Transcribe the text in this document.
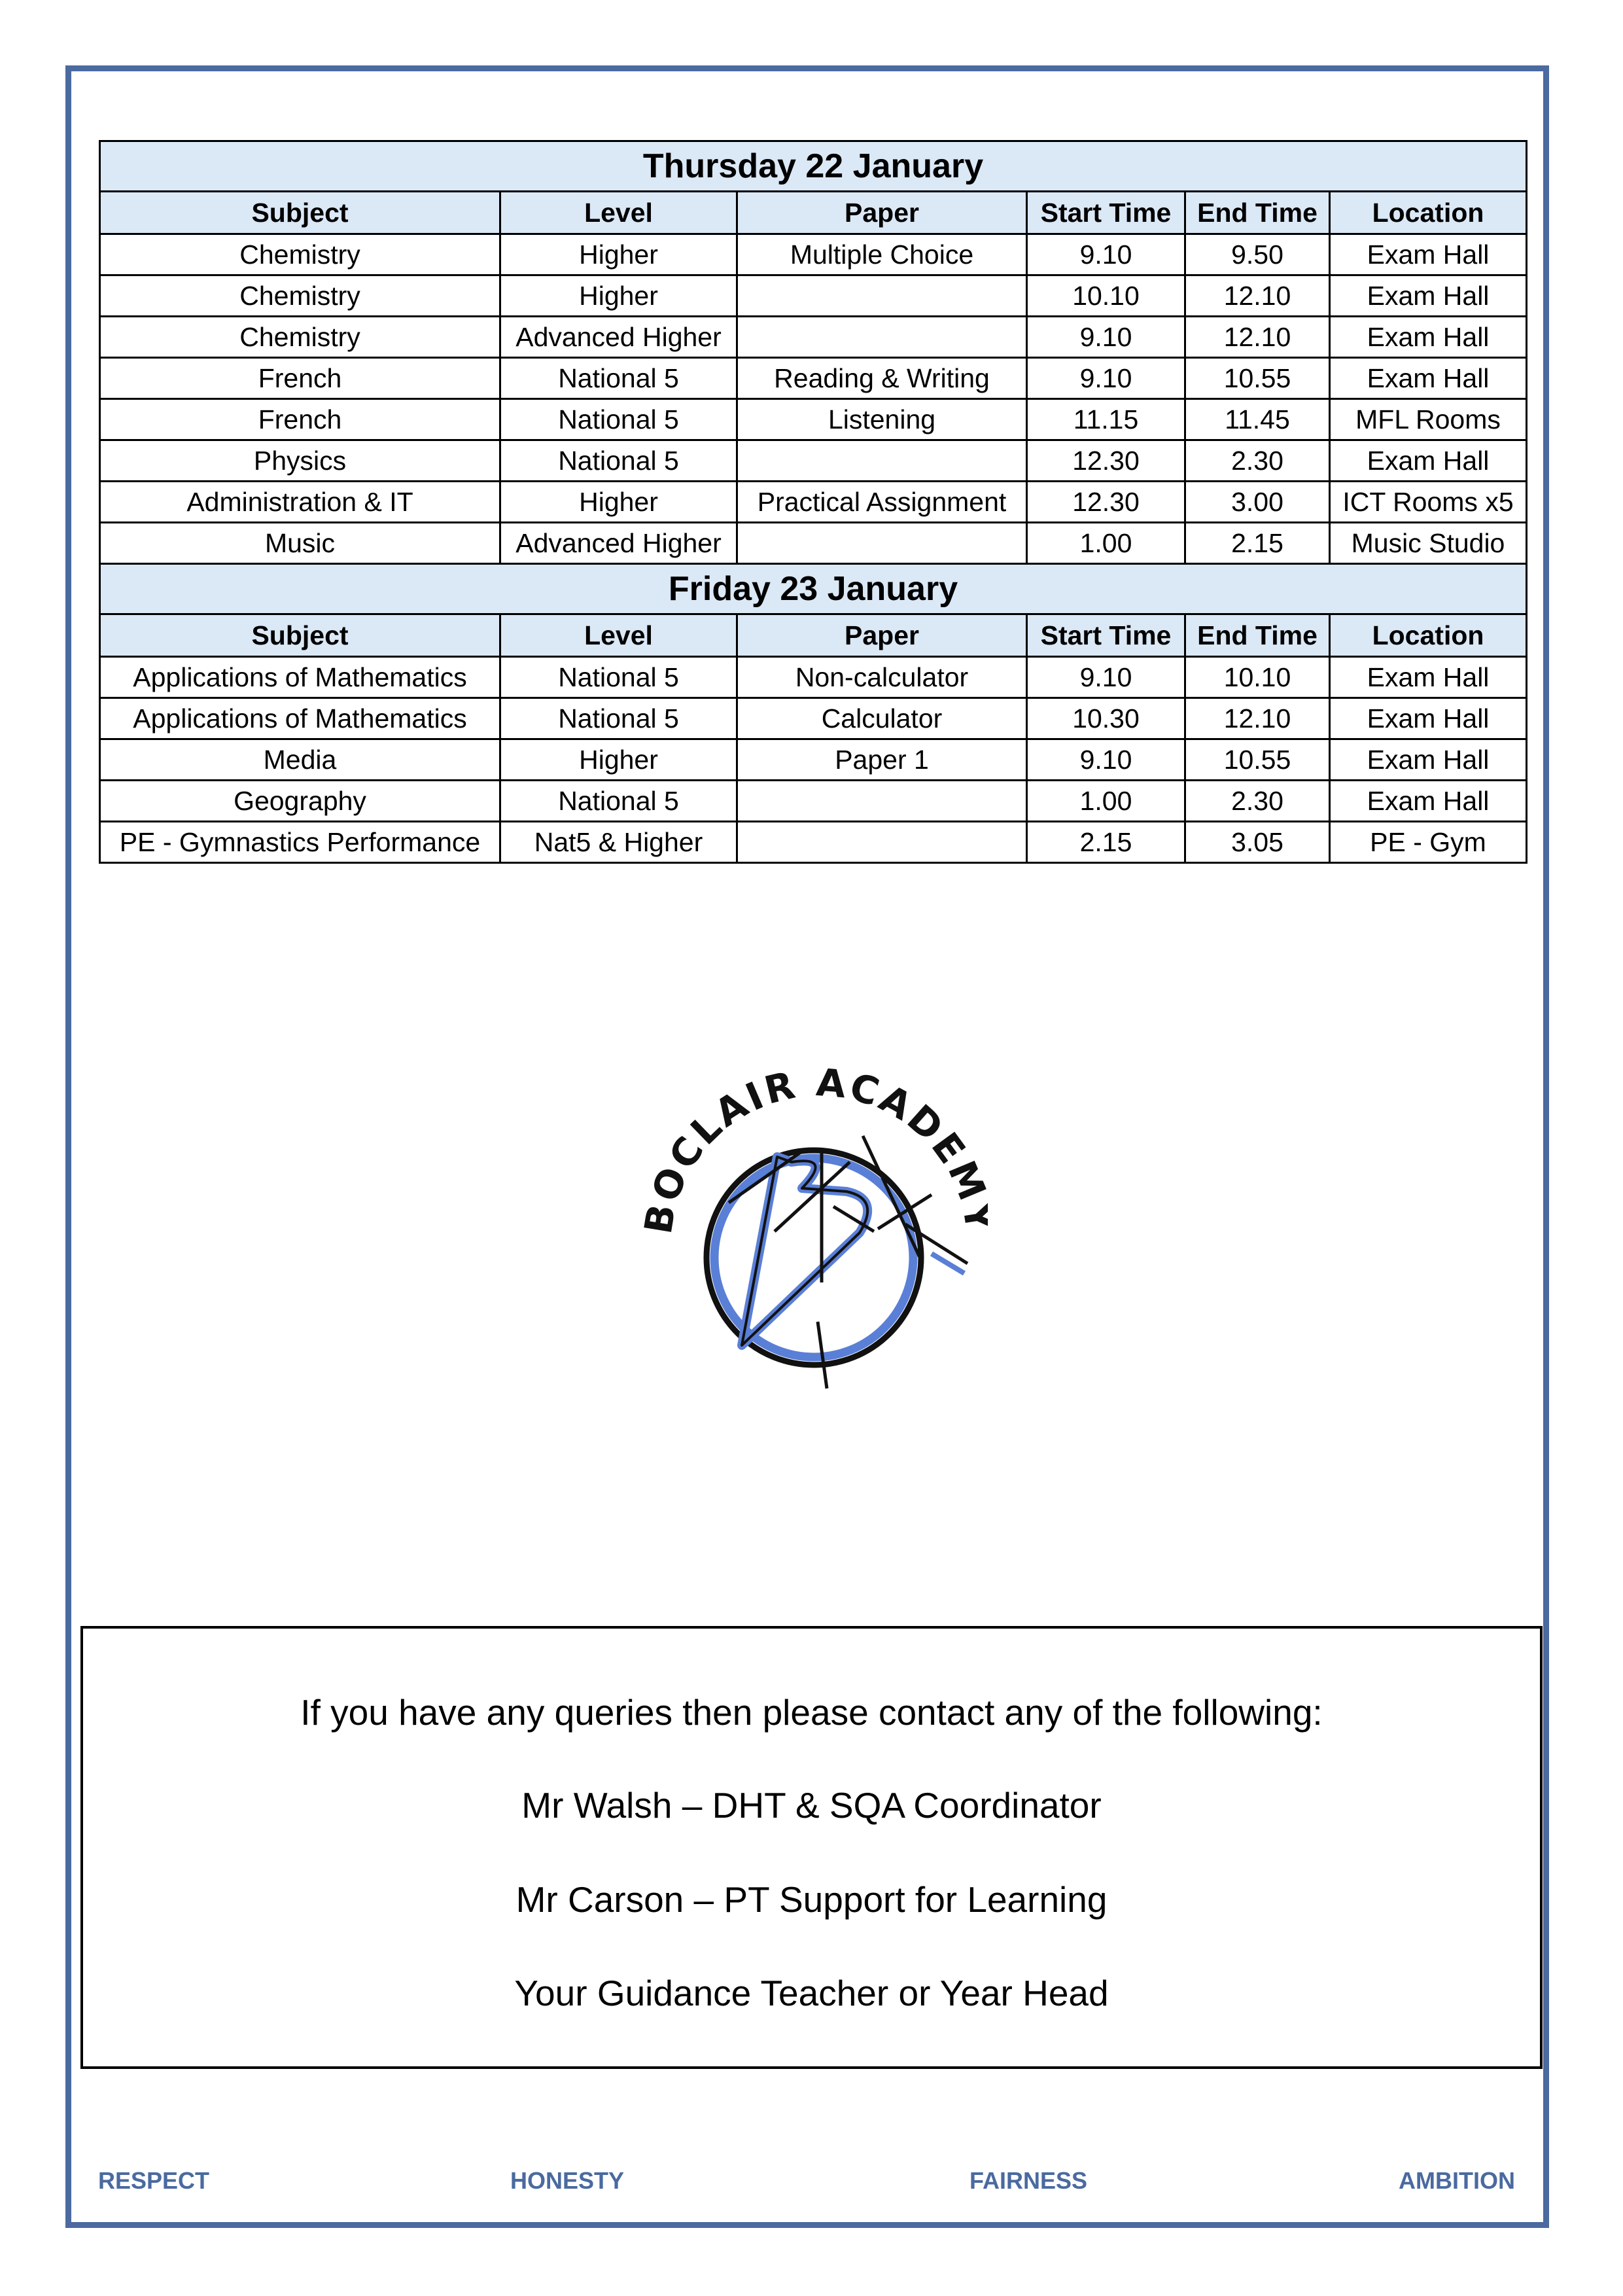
Thursday 22 January					
Subject	Level	Paper	Start Time	End Time	Location
Chemistry	Higher	Multiple Choice	9.10	9.50	Exam Hall
Chemistry	Higher		10.10	12.10	Exam Hall
Chemistry	Advanced Higher		9.10	12.10	Exam Hall
French	National 5	Reading & Writing	9.10	10.55	Exam Hall
French	National 5	Listening	11.15	11.45	MFL Rooms
Physics	National 5		12.30	2.30	Exam Hall
Administration & IT	Higher	Practical Assignment	12.30	3.00	ICT Rooms x5
Music	Advanced Higher		1.00	2.15	Music Studio
Friday 23 January					
Subject	Level	Paper	Start Time	End Time	Location
Applications of Mathematics	National 5	Non-calculator	9.10	10.10	Exam Hall
Applications of Mathematics	National 5	Calculator	10.30	12.10	Exam Hall
Media	Higher	Paper 1	9.10	10.55	Exam Hall
Geography	National 5		1.00	2.30	Exam Hall
PE - Gymnastics Performance	Nat5 & Higher		2.15	3.05	PE - Gym
BOCLAIR ACADE
If you have any queries then please contact any of the following:
Mr Walsh – DHT & SQA Coordinator
Mr Carson – PT Support for Learning
Your Guidance Teacher or Year Head
RESPECT	HONESTY	FAIRNESS	AMBITION
